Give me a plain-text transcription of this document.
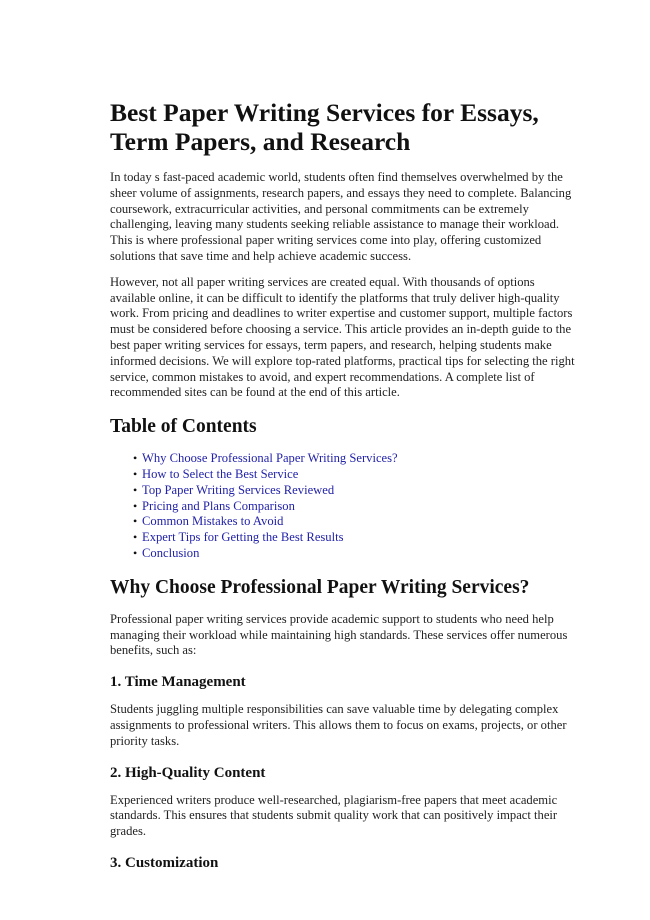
Best Paper Writing Services for Essays, Term Papers, and Research

In today s fast-paced academic world, students often find themselves overwhelmed by the sheer volume of assignments, research papers, and essays they need to complete. Balancing coursework, extracurricular activities, and personal commitments can be extremely challenging, leaving many students seeking reliable assistance to manage their workload. This is where professional paper writing services come into play, offering customized solutions that save time and help achieve academic success.

However, not all paper writing services are created equal. With thousands of options available online, it can be difficult to identify the platforms that truly deliver high-quality work. From pricing and deadlines to writer expertise and customer support, multiple factors must be considered before choosing a service. This article provides an in-depth guide to the best paper writing services for essays, term papers, and research, helping students make informed decisions. We will explore top-rated platforms, practical tips for selecting the right service, common mistakes to avoid, and expert recommendations. A complete list of recommended sites can be found at the end of this article.

Table of Contents
• Why Choose Professional Paper Writing Services?
• How to Select the Best Service
• Top Paper Writing Services Reviewed
• Pricing and Plans Comparison
• Common Mistakes to Avoid
• Expert Tips for Getting the Best Results
• Conclusion
Why Choose Professional Paper Writing Services?

Professional paper writing services provide academic support to students who need help managing their workload while maintaining high standards. These services offer numerous benefits, such as:

1. Time Management

Students juggling multiple responsibilities can save valuable time by delegating complex assignments to professional writers. This allows them to focus on exams, projects, or other priority tasks.

2. High-Quality Content

Experienced writers produce well-researched, plagiarism-free papers that meet academic standards. This ensures that students submit quality work that can positively impact their grades.

3. Customization
